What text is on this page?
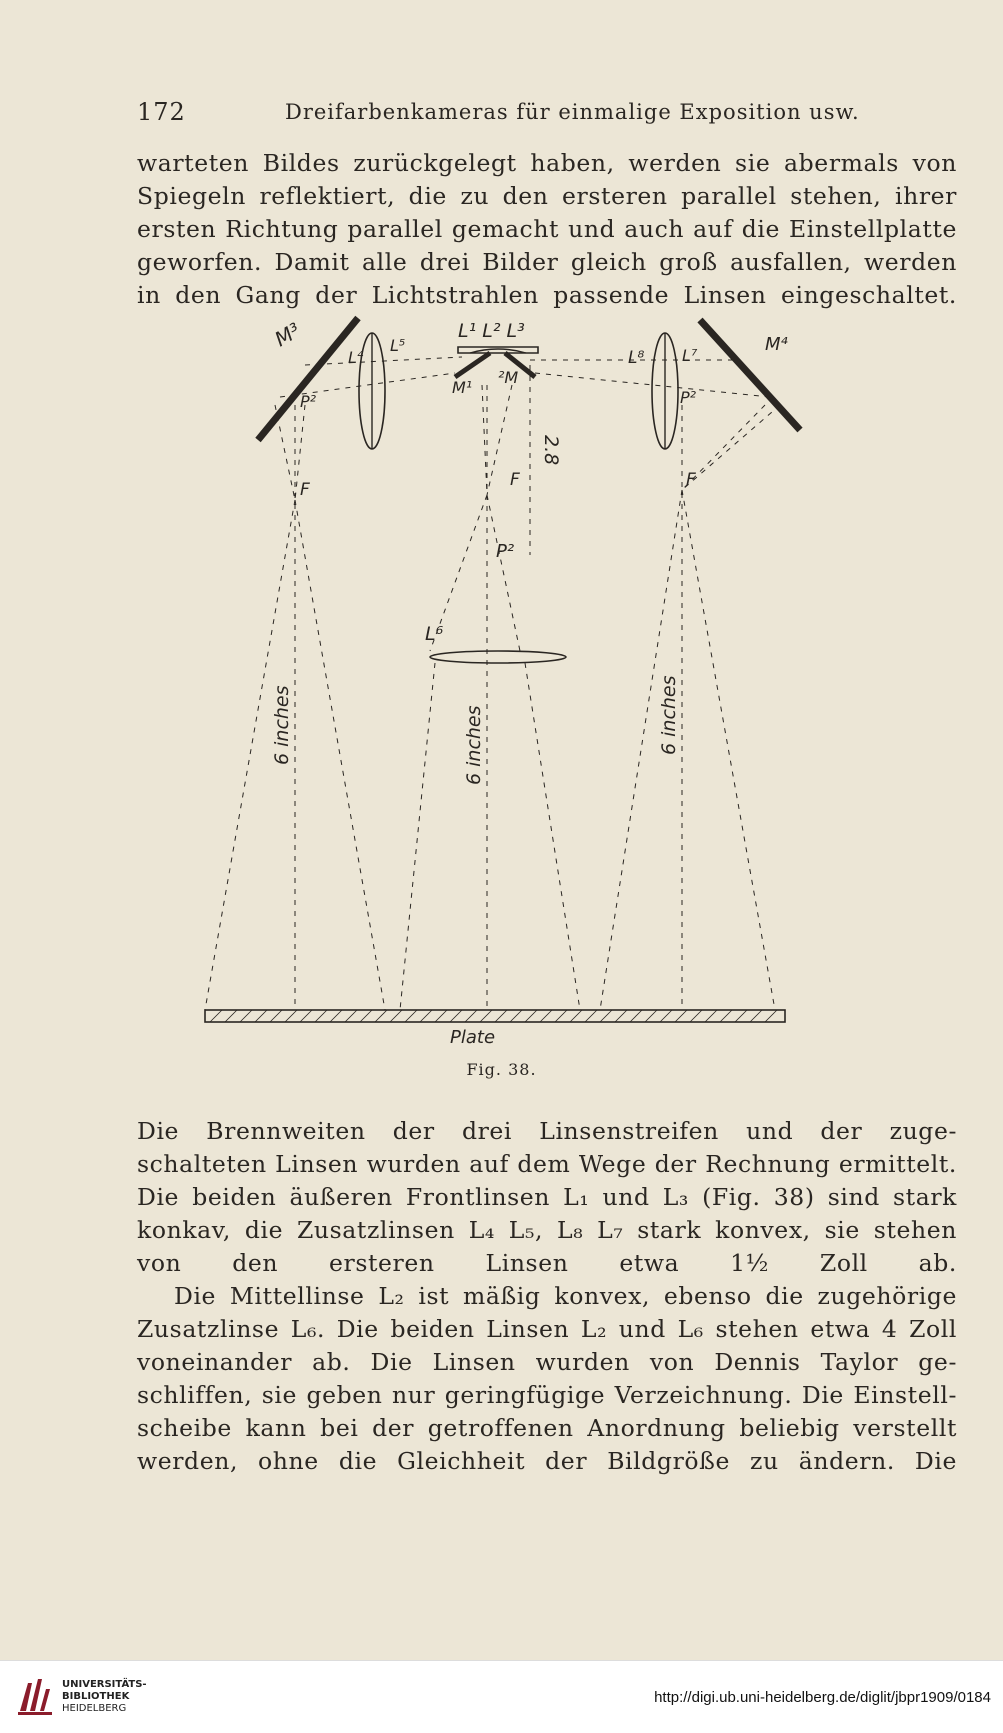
172	Dreifarbenkameras für einmalige Exposition usw.
warteten Bildes zurückgelegt haben, werden sie abermals von
Spiegeln reflektiert, die zu den ersteren parallel stehen, ihrer
ersten Richtung parallel gemacht und auch auf die Einstellplatte
geworfen. Damit alle drei Bilder gleich groß ausfallen, werden
in den Gang der Lichtstrahlen passende Linsen eingeschaltet.
M³	M⁴
M¹
²M
L⁴
L⁵
L¹ L² L³
L⁸ L⁷
L⁶
P²	P²
P²
F	F	F
2.8
6 inches	6 inches	6 inches
Plate
Fig. 38.
Die Brennweiten der drei Linsenstreifen und der zuge-
schalteten Linsen wurden auf dem Wege der Rechnung ermittelt.
Die beiden äußeren Frontlinsen L₁ und L₃ (Fig. 38) sind stark
konkav, die Zusatzlinsen L₄ L₅, L₈ L₇ stark konvex, sie stehen
von den ersteren Linsen etwa 1½ Zoll ab.
Die Mittellinse L₂ ist mäßig konvex, ebenso die zugehörige
Zusatzlinse L₆. Die beiden Linsen L₂ und L₆ stehen etwa 4 Zoll
voneinander ab. Die Linsen wurden von Dennis Taylor ge-
schliffen, sie geben nur geringfügige Verzeichnung. Die Einstell-
scheibe kann bei der getroffenen Anordnung beliebig verstellt
werden, ohne die Gleichheit der Bildgröße zu ändern. Die
UNIVERSITÄTS-
BIBLIOTHEK
HEIDELBERG
http://digi.ub.uni-heidelberg.de/diglit/jbpr1909/0184
